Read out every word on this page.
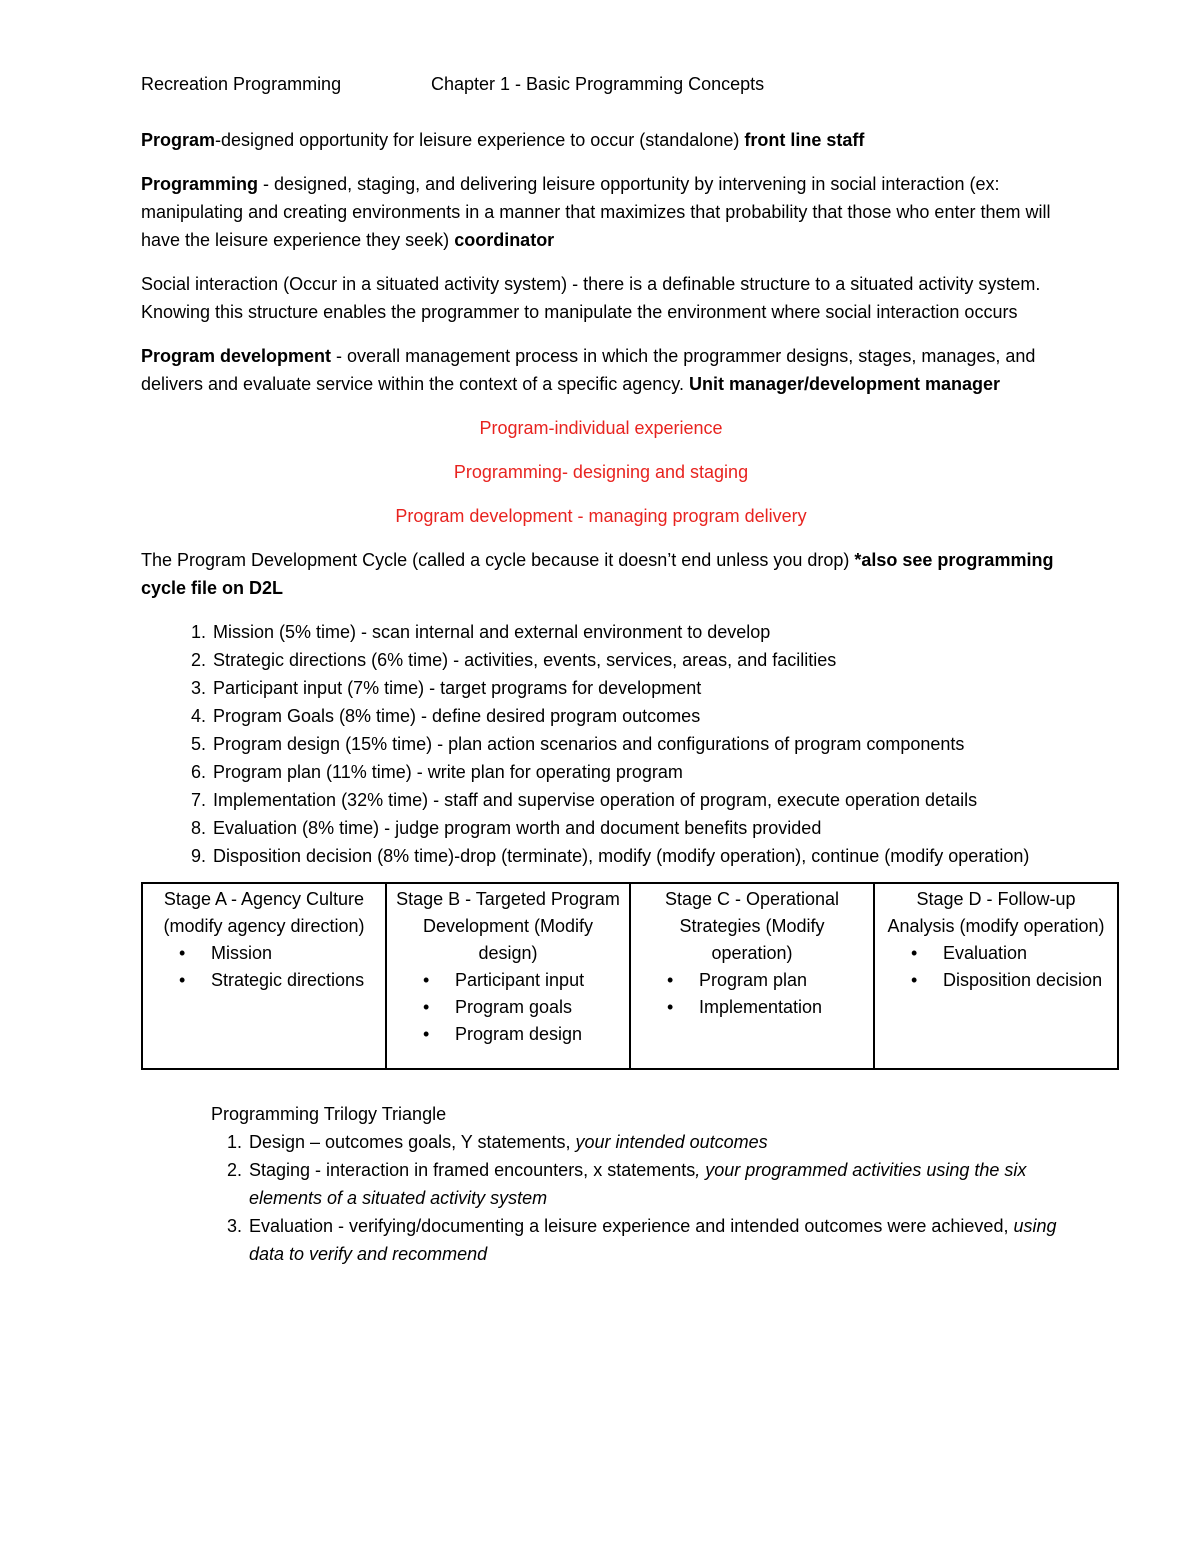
Recreation Programming	Chapter 1 - Basic Programming Concepts

Program-designed opportunity for leisure experience to occur (standalone) front line staff

Programming - designed, staging, and delivering leisure opportunity by intervening in social interaction (ex: manipulating and creating environments in a manner that maximizes that probability that those who enter them will have the leisure experience they seek) coordinator

Social interaction (Occur in a situated activity system) - there is a definable structure to a situated activity system. Knowing this structure enables the programmer to manipulate the environment where social interaction occurs

Program development - overall management process in which the programmer designs, stages, manages, and delivers and evaluate service within the context of a specific agency. Unit manager/development manager

Program-individual experience

Programming- designing and staging

Program development - managing program delivery

The Program Development Cycle (called a cycle because it doesn’t end unless you drop) *also see programming cycle file on D2L

1. Mission (5% time) - scan internal and external environment to develop
2. Strategic directions (6% time) - activities, events, services, areas, and facilities
3. Participant input (7% time) - target programs for development
4. Program Goals (8% time) - define desired program outcomes
5. Program design (15% time) - plan action scenarios and configurations of program components
6. Program plan (11% time) - write plan for operating program
7. Implementation (32% time) - staff and supervise operation of program, execute operation details
8. Evaluation (8% time) - judge program worth and document benefits provided
9. Disposition decision (8% time)-drop (terminate), modify (modify operation), continue (modify operation)
Stage A - Agency Culture (modify agency direction)
• Mission
• Strategic directions

Stage B - Targeted Program Development (Modify design)
• Participant input
• Program goals
• Program design

Stage C - Operational Strategies (Modify operation)
• Program plan
• Implementation

Stage D - Follow-up Analysis (modify operation)
• Evaluation
• Disposition decision
Programming Trilogy Triangle
1. Design – outcomes goals, Y statements, your intended outcomes
2. Staging - interaction in framed encounters, x statements, your programmed activities using the six elements of a situated activity system
3. Evaluation - verifying/documenting a leisure experience and intended outcomes were achieved, using data to verify and recommend
